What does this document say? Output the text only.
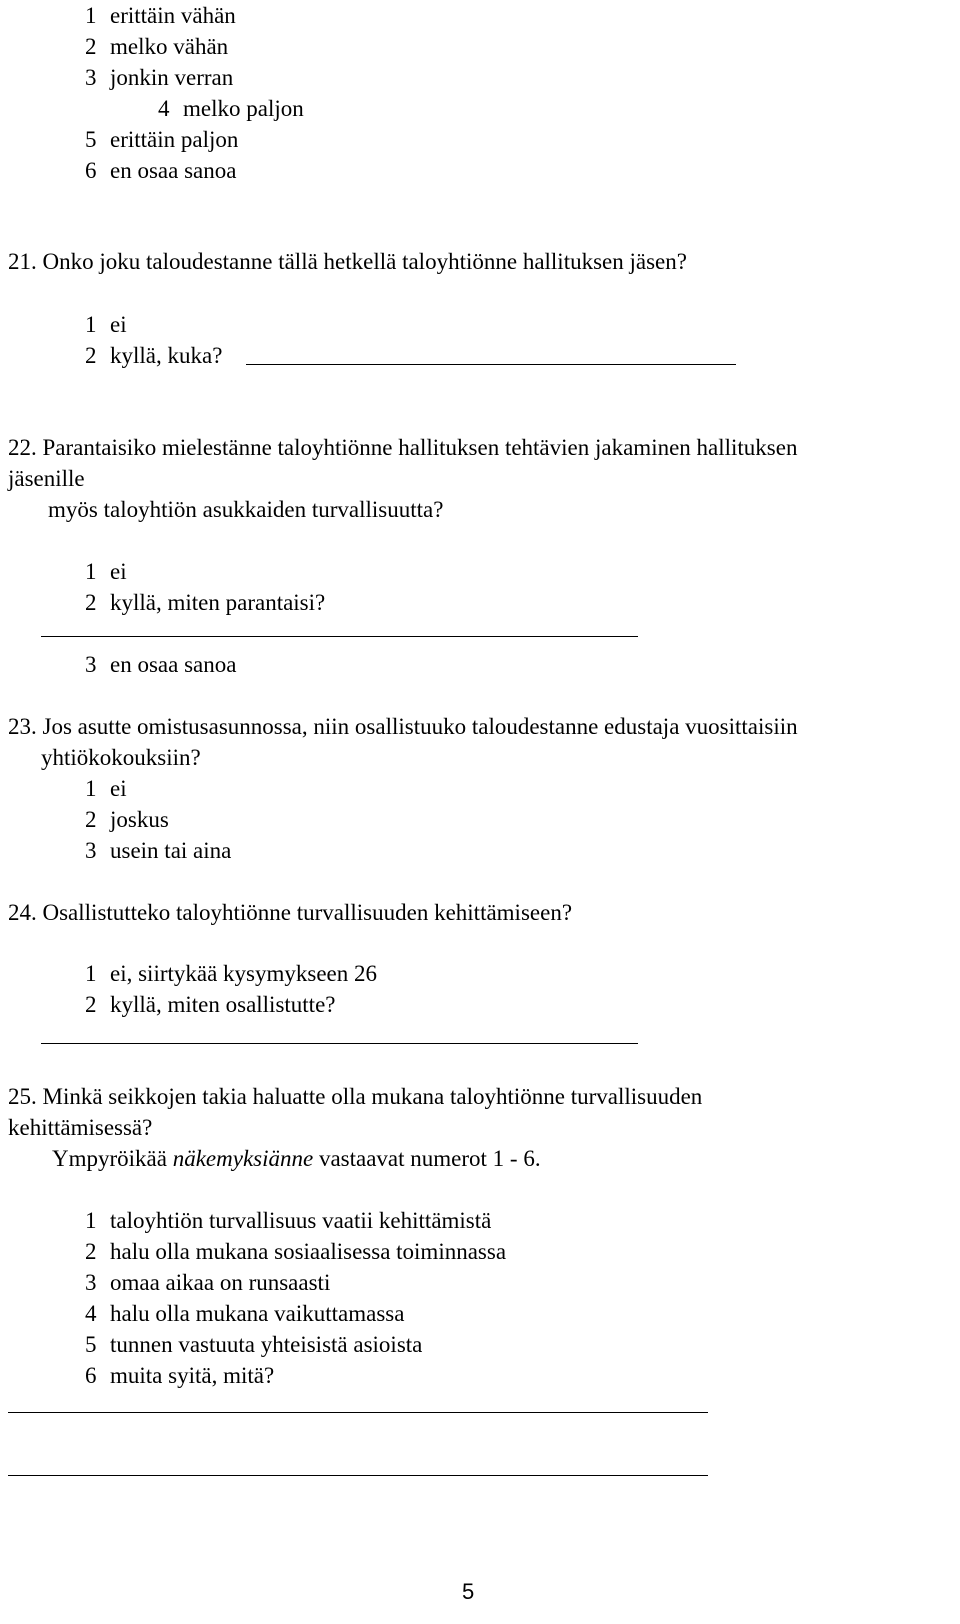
1 erittäin vähän
2 melko vähän
3 jonkin verran
4 melko paljon
5 erittäin paljon
6 en osaa sanoa
21. Onko joku taloudestanne tällä hetkellä taloyhtiönne hallituksen jäsen?
1 ei
2 kyllä, kuka?
22. Parantaisiko mielestänne taloyhtiönne hallituksen tehtävien jakaminen hallituksen
jäsenille
myös taloyhtiön asukkaiden turvallisuutta?
1 ei
2 kyllä, miten parantaisi?
3 en osaa sanoa
23. Jos asutte omistusasunnossa, niin osallistuuko taloudestanne edustaja vuosittaisiin
yhtiökokouksiin?
1 ei
2 joskus
3 usein tai aina
24. Osallistutteko taloyhtiönne turvallisuuden kehittämiseen?
1 ei, siirtykää kysymykseen 26
2 kyllä, miten osallistutte?
25. Minkä seikkojen takia haluatte olla mukana taloyhtiönne turvallisuuden
kehittämisessä?
Ympyröikää näkemyksiänne vastaavat numerot 1 - 6.
1 taloyhtiön turvallisuus vaatii kehittämistä
2 halu olla mukana sosiaalisessa toiminnassa
3 omaa aikaa on runsaasti
4 halu olla mukana vaikuttamassa
5 tunnen vastuuta yhteisistä asioista
6 muita syitä, mitä?
5
